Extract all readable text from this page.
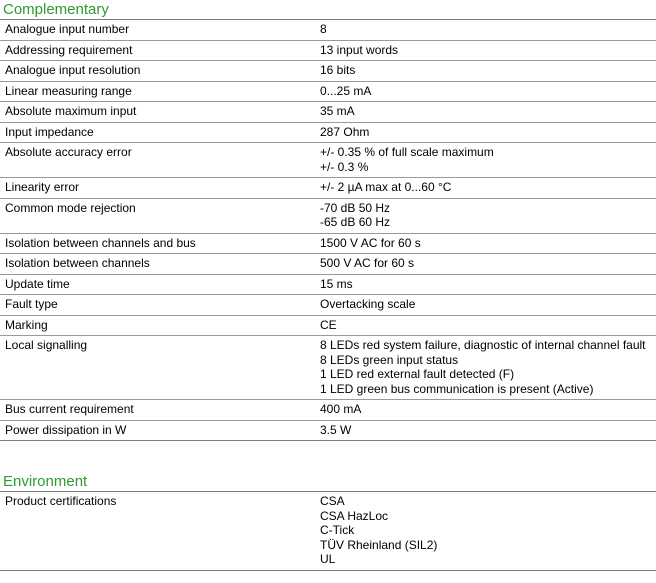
Complementary
Analogue input number	8

Addressing requirement	13 input words

Analogue input resolution	16 bits

Linear measuring range	0...25 mA

Absolute maximum input	35 mA

Input impedance	287 Ohm

Absolute accuracy error	+/- 0.35 % of full scale maximum
+/- 0.3 %

Linearity error	+/- 2 µA max at 0...60 °C

Common mode rejection	-70 dB 50 Hz
-65 dB 60 Hz

Isolation between channels and bus	1500 V AC for 60 s

Isolation between channels	500 V AC for 60 s

Update time	15 ms

Fault type	Overtacking scale

Marking	CE

Local signalling	8 LEDs red system failure, diagnostic of internal channel fault
8 LEDs green input status
1 LED red external fault detected (F)
1 LED green bus communication is present (Active)

Bus current requirement	400 mA

Power dissipation in W	3.5 W
Environment
Product certifications	CSA
CSA HazLoc
C-Tick
TÜV Rheinland (SIL2)
UL
